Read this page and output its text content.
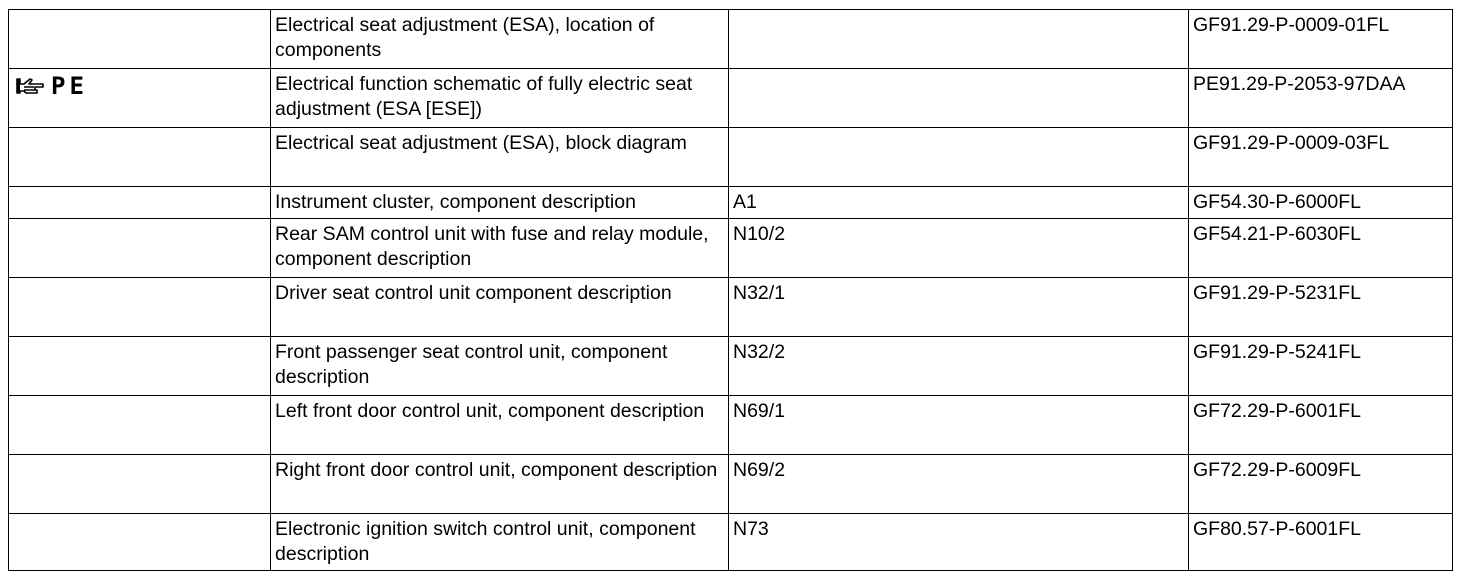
	Electrical seat adjustment (ESA), location of components		GF91.29-P-0009-01FL

PE	Electrical function schematic of fully electric seat adjustment (ESA [ESE])		PE91.29-P-2053-97DAA
	Electrical seat adjustment (ESA), block diagram		GF91.29-P-0009-03FL
	Instrument cluster, component description	A1	GF54.30-P-6000FL
	Rear SAM control unit with fuse and relay module, component description	N10/2	GF54.21-P-6030FL
	Driver seat control unit component description	N32/1	GF91.29-P-5231FL
	Front passenger seat control unit, component description	N32/2	GF91.29-P-5241FL
	Left front door control unit, component description	N69/1	GF72.29-P-6001FL
	Right front door control unit, component description	N69/2	GF72.29-P-6009FL
	Electronic ignition switch control unit, component description	N73	GF80.57-P-6001FL
